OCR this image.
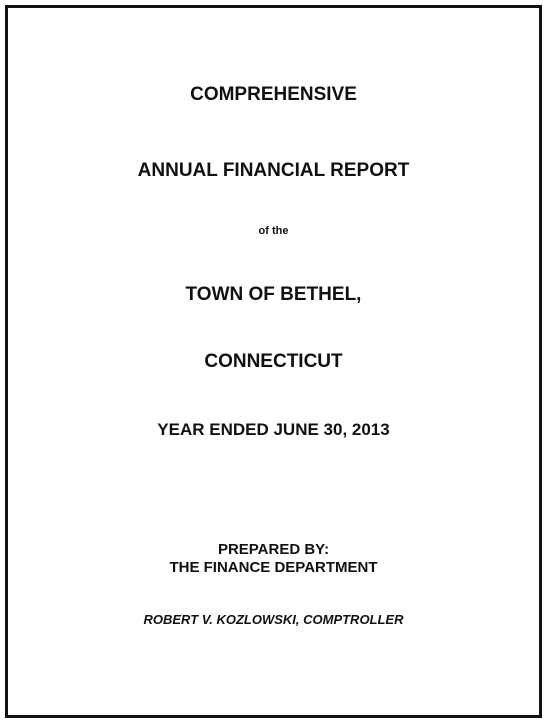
COMPREHENSIVE
ANNUAL FINANCIAL REPORT

of the

TOWN OF BETHEL,
CONNECTICUT
YEAR ENDED JUNE 30, 2013

PREPARED BY:

THE FINANCE DEPARTMENT

ROBERT V. KOZLOWSKI, COMPTROLLER
